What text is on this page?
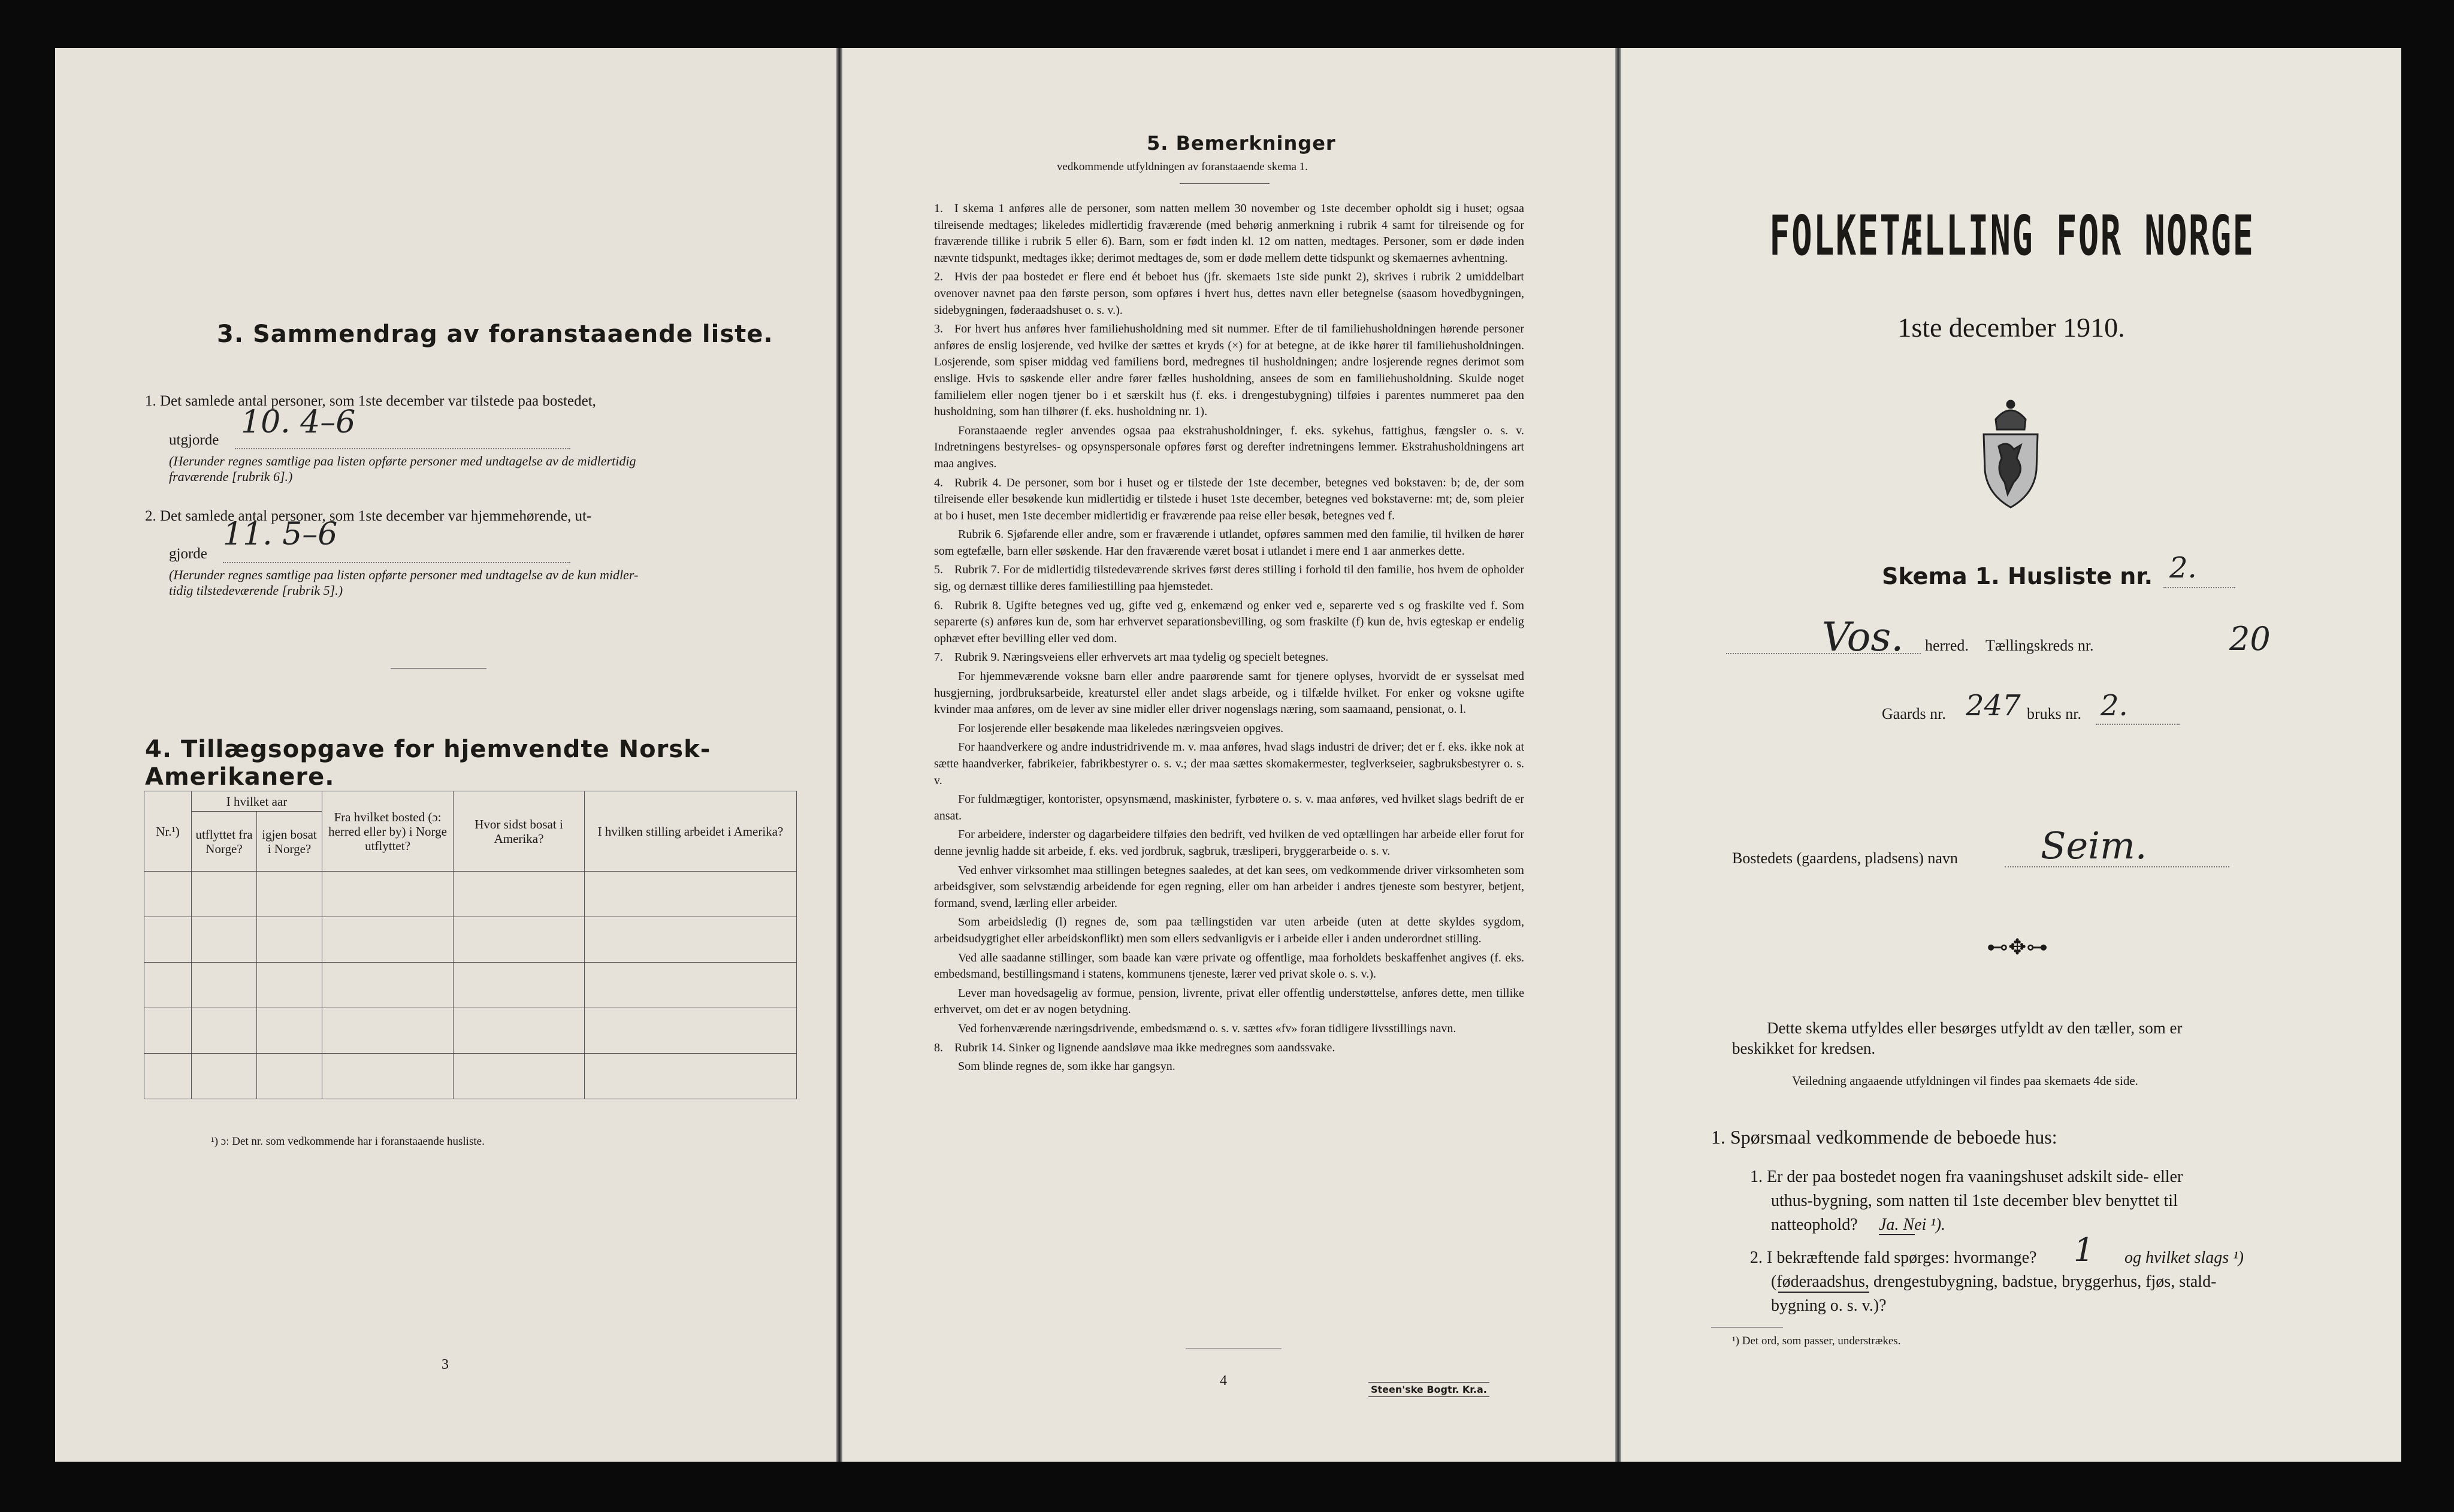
3. Sammendrag av foranstaaende liste.
1. Det samlede antal personer, som 1ste december var tilstede paa bostedet,
utgjorde 10. 4–6
(Herunder regnes samtlige paa listen opførte personer med undtagelse av de midlertidig
fraværende [rubrik 6].)
2. Det samlede antal personer, som 1ste december var hjemmehørende, ut-
gjorde
11. 5–6
(Herunder regnes samtlige paa listen opførte personer med undtagelse av de kun midler-
tidig tilstedeværende [rubrik 5].)
4. Tillægsopgave for hjemvendte Norsk-Amerikanere.
Nr.¹)	I hvilket aar		Fra hvilket bosted (ɔ: herred eller by) i Norge utflyttet?	Hvor sidst bosat i Amerika?	I hvilken stilling arbeidet i Amerika?
	utflyttet fra Norge?	igjen bosat i Norge?			

¹) ɔ: Det nr. som vedkommende har i foranstaaende husliste.
3
5. Bemerkninger
vedkommende utfyldningen av foranstaaende skema 1.

1. I skema 1 anføres alle de personer, som natten mellem 30 november og 1ste december opholdt sig i huset; ogsaa tilreisende medtages; likeledes midlertidig fraværende (med behørig anmerkning i rubrik 4 samt for tilreisende og for fraværende tillike i rubrik 5 eller 6). Barn, som er født inden kl. 12 om natten, medtages. Personer, som er døde inden nævnte tidspunkt, medtages ikke; derimot medtages de, som er døde mellem dette tidspunkt og skemaernes avhentning.

2. Hvis der paa bostedet er flere end ét beboet hus (jfr. skemaets 1ste side punkt 2), skrives i rubrik 2 umiddelbart ovenover navnet paa den første person, som opføres i hvert hus, dettes navn eller betegnelse (saasom hovedbygningen, sidebygningen, føderaadshuset o. s. v.).

3. For hvert hus anføres hver familiehusholdning med sit nummer. Efter de til familiehusholdningen hørende personer anføres de enslig losjerende, ved hvilke der sættes et kryds (×) for at betegne, at de ikke hører til familiehusholdningen. Losjerende, som spiser middag ved familiens bord, medregnes til husholdningen; andre losjerende regnes derimot som enslige. Hvis to søskende eller andre fører fælles husholdning, ansees de som en familiehusholdning. Skulde noget familielem eller nogen tjener bo i et særskilt hus (f. eks. i drengestubygning) tilføies i parentes nummeret paa den husholdning, som han tilhører (f. eks. husholdning nr. 1).

Foranstaaende regler anvendes ogsaa paa ekstrahusholdninger, f. eks. sykehus, fattighus, fængsler o. s. v. Indretningens bestyrelses- og opsynspersonale opføres først og derefter indretningens lemmer. Ekstrahusholdningens art maa angives.

4. Rubrik 4. De personer, som bor i huset og er tilstede der 1ste december, betegnes ved bokstaven: b; de, der som tilreisende eller besøkende kun midlertidig er tilstede i huset 1ste december, betegnes ved bokstaverne: mt; de, som pleier at bo i huset, men 1ste december midlertidig er fraværende paa reise eller besøk, betegnes ved f.

Rubrik 6. Sjøfarende eller andre, som er fraværende i utlandet, opføres sammen med den familie, til hvilken de hører som egtefælle, barn eller søskende. Har den fraværende været bosat i utlandet i mere end 1 aar anmerkes dette.

5. Rubrik 7. For de midlertidig tilstedeværende skrives først deres stilling i forhold til den familie, hos hvem de opholder sig, og dernæst tillike deres familiestilling paa hjemstedet.

6. Rubrik 8. Ugifte betegnes ved ug, gifte ved g, enkemænd og enker ved e, separerte ved s og fraskilte ved f. Som separerte (s) anføres kun de, som har erhvervet separationsbevilling, og som fraskilte (f) kun de, hvis egteskap er endelig ophævet efter bevilling eller ved dom.

7. Rubrik 9. Næringsveiens eller erhvervets art maa tydelig og specielt betegnes.

For hjemmeværende voksne barn eller andre paarørende samt for tjenere oplyses, hvorvidt de er sysselsat med husgjerning, jordbruksarbeide, kreaturstel eller andet slags arbeide, og i tilfælde hvilket. For enker og voksne ugifte kvinder maa anføres, om de lever av sine midler eller driver nogenslags næring, som saamaand, pensionat, o. l.

For losjerende eller besøkende maa likeledes næringsveien opgives.

For haandverkere og andre industridrivende m. v. maa anføres, hvad slags industri de driver; det er f. eks. ikke nok at sætte haandverker, fabrikeier, fabrikbestyrer o. s. v.; der maa sættes skomakermester, teglverkseier, sagbruksbestyrer o. s. v.

For fuldmægtiger, kontorister, opsynsmænd, maskinister, fyrbøtere o. s. v. maa anføres, ved hvilket slags bedrift de er ansat.

For arbeidere, inderster og dagarbeidere tilføies den bedrift, ved hvilken de ved optællingen har arbeide eller forut for denne jevnlig hadde sit arbeide, f. eks. ved jordbruk, sagbruk, træsliperi, bryggerarbeide o. s. v.

Ved enhver virksomhet maa stillingen betegnes saaledes, at det kan sees, om vedkommende driver virksomheten som arbeidsgiver, som selvstændig arbeidende for egen regning, eller om han arbeider i andres tjeneste som bestyrer, betjent, formand, svend, lærling eller arbeider.

Som arbeidsledig (l) regnes de, som paa tællingstiden var uten arbeide (uten at dette skyldes sygdom, arbeidsudygtighet eller arbeidskonflikt) men som ellers sedvanligvis er i arbeide eller i anden underordnet stilling.

Ved alle saadanne stillinger, som baade kan være private og offentlige, maa forholdets beskaffenhet angives (f. eks. embedsmand, bestillingsmand i statens, kommunens tjeneste, lærer ved privat skole o. s. v.).

Lever man hovedsagelig av formue, pension, livrente, privat eller offentlig understøttelse, anføres dette, men tillike erhvervet, om det er av nogen betydning.

Ved forhenværende næringsdrivende, embedsmænd o. s. v. sættes «fv» foran tidligere livsstillings navn.

8. Rubrik 14. Sinker og lignende aandsløve maa ikke medregnes som aandssvake.

Som blinde regnes de, som ikke har gangsyn.

4
Steen'ske Bogtr. Kr.a.
FOLKETÆLLING FOR NORGE
1ste december 1910.
Skema 1. Husliste nr. 2.
Vos. herred. Tællingskreds nr.	20
Gaards nr. 247 bruks nr. 2.
Bostedets (gaardens, pladsens) navn Seim.
⊷✥⊶
Dette skema utfyldes eller besørges utfyldt av den tæller, som er
beskikket for kredsen.
Veiledning angaaende utfyldningen vil findes paa skemaets 4de side.
1. Spørsmaal vedkommende de beboede hus:
1. Er der paa bostedet nogen fra vaaningshuset adskilt side- eller
uthus-bygning, som natten til 1ste december blev benyttet til
natteophold? Ja. Nei ¹).
2. I bekræftende fald spørges: hvormange? 1 og hvilket slags ¹)
(føderaadshus, drengestubygning, badstue, bryggerhus, fjøs, stald-
bygning o. s. v.)?
¹) Det ord, som passer, understrækes.
